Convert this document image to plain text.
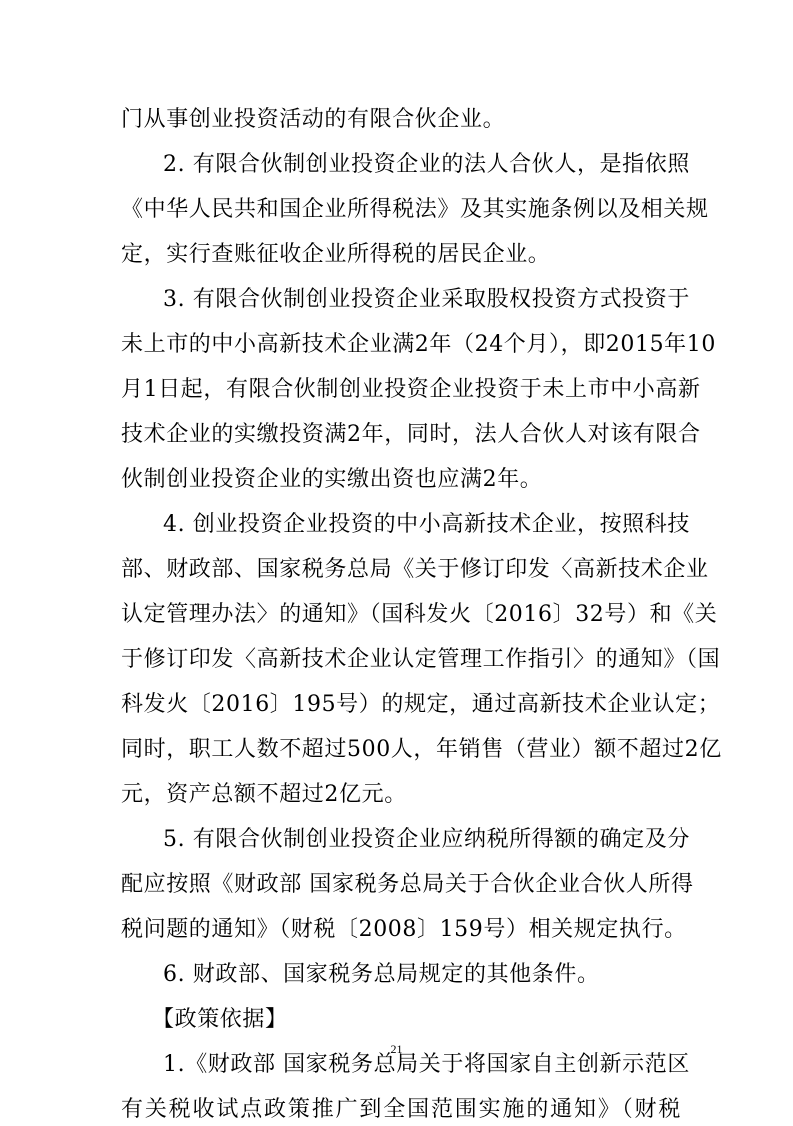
门从事创业投资活动的有限合伙企业。
2. 有限合伙制创业投资企业的法人合伙人，是指依照
《中华人民共和国企业所得税法》及其实施条例以及相关规
定，实行查账征收企业所得税的居民企业。
3. 有限合伙制创业投资企业采取股权投资方式投资于
未上市的中小高新技术企业满2年（24个月），即2015年10
月1日起，有限合伙制创业投资企业投资于未上市中小高新
技术企业的实缴投资满2年，同时，法人合伙人对该有限合
伙制创业投资企业的实缴出资也应满2年。
4. 创业投资企业投资的中小高新技术企业，按照科技
部、财政部、国家税务总局《关于修订印发〈高新技术企业
认定管理办法〉的通知》（国科发火〔2016〕32号）和《关
于修订印发〈高新技术企业认定管理工作指引〉的通知》（国
科发火〔2016〕195号）的规定，通过高新技术企业认定；
同时，职工人数不超过500人，年销售（营业）额不超过2亿
元，资产总额不超过2亿元。
5. 有限合伙制创业投资企业应纳税所得额的确定及分
配应按照《财政部 国家税务总局关于合伙企业合伙人所得
税问题的通知》（财税〔2008〕159号）相关规定执行。
6. 财政部、国家税务总局规定的其他条件。
【政策依据】
1.《财政部 国家税务总局关于将国家自主创新示范区
有关税收试点政策推广到全国范围实施的通知》（财税
21
